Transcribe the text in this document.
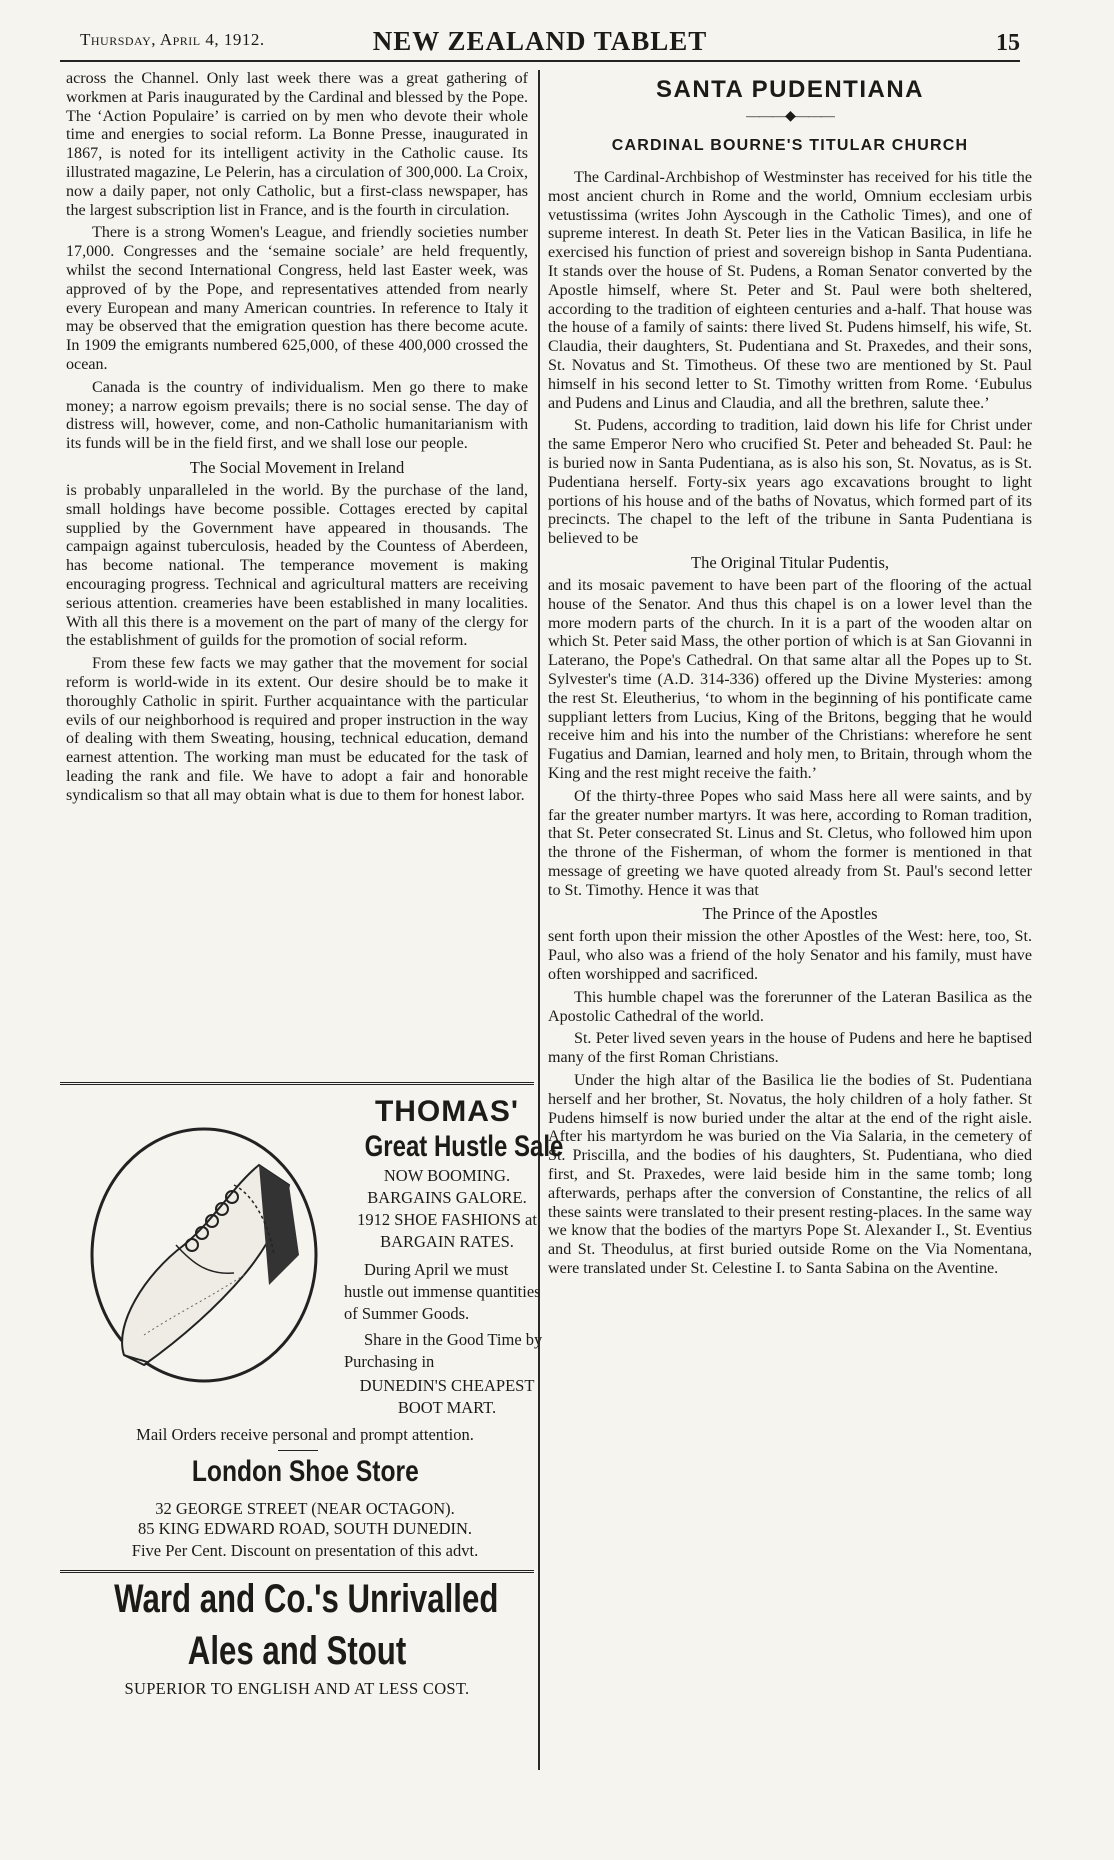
Thursday, April 4, 1912.	NEW ZEALAND TABLET	15

across the Channel. Only last week there was a great gathering of workmen at Paris inaugurated by the Cardinal and blessed by the Pope. The ‘Action Populaire’ is carried on by men who devote their whole time and energies to social reform. La Bonne Presse, inaugurated in 1867, is noted for its intelligent activity in the Catholic cause. Its illustrated magazine, Le Pelerin, has a circulation of 300,000. La Croix, now a daily paper, not only Catholic, but a first-class newspaper, has the largest subscription list in France, and is the fourth in circulation.

There is a strong Women's League, and friendly societies number 17,000. Congresses and the ‘semaine sociale’ are held frequently, whilst the second International Congress, held last Easter week, was approved of by the Pope, and representatives attended from nearly every European and many American countries. In reference to Italy it may be observed that the emigration question has there become acute. In 1909 the emigrants numbered 625,000, of these 400,000 crossed the ocean.

Canada is the country of individualism. Men go there to make money; a narrow egoism prevails; there is no social sense. The day of distress will, however, come, and non-Catholic humanitarianism with its funds will be in the field first, and we shall lose our people.

The Social Movement in Ireland

is probably unparalleled in the world. By the purchase of the land, small holdings have become possible. Cottages erected by capital supplied by the Government have appeared in thousands. The campaign against tuberculosis, headed by the Countess of Aberdeen, has become national. The temperance movement is making encouraging progress. Technical and agricultural matters are receiving serious attention. creameries have been established in many localities. With all this there is a movement on the part of many of the clergy for the establishment of guilds for the promotion of social reform.

From these few facts we may gather that the movement for social reform is world-wide in its extent. Our desire should be to make it thoroughly Catholic in spirit. Further acquaintance with the particular evils of our neighborhood is required and proper instruction in the way of dealing with them Sweating, housing, technical education, demand earnest attention. The working man must be educated for the task of leading the rank and file. We have to adopt a fair and honorable syndicalism so that all may obtain what is due to them for honest labor.

THOMAS'
Great Hustle Sale
NOW BOOMING.
BARGAINS GALORE.
1912 SHOE FASHIONS at
BARGAIN RATES.
During April we must hustle out immense quantities of Summer Goods.
Share in the Good Time by Purchasing in
DUNEDIN'S CHEAPEST BOOT MART.
Mail Orders receive personal and prompt attention.
London Shoe Store
32 GEORGE STREET (NEAR OCTAGON).
85 KING EDWARD ROAD, SOUTH DUNEDIN.
Five Per Cent. Discount on presentation of this advt.
Ward and Co.'s Unrivalled
Ales and Stout
SUPERIOR TO ENGLISH AND AT LESS COST.
SANTA PUDENTIANA
———◆———
CARDINAL BOURNE'S TITULAR CHURCH

The Cardinal-Archbishop of Westminster has received for his title the most ancient church in Rome and the world, Omnium ecclesiam urbis vetustissima (writes John Ayscough in the Catholic Times), and one of supreme interest. In death St. Peter lies in the Vatican Basilica, in life he exercised his function of priest and sovereign bishop in Santa Pudentiana. It stands over the house of St. Pudens, a Roman Senator converted by the Apostle himself, where St. Peter and St. Paul were both sheltered, according to the tradition of eighteen centuries and a-half. That house was the house of a family of saints: there lived St. Pudens himself, his wife, St. Claudia, their daughters, St. Pudentiana and St. Praxedes, and their sons, St. Novatus and St. Timotheus. Of these two are mentioned by St. Paul himself in his second letter to St. Timothy written from Rome. ‘Eubulus and Pudens and Linus and Claudia, and all the brethren, salute thee.’

St. Pudens, according to tradition, laid down his life for Christ under the same Emperor Nero who crucified St. Peter and beheaded St. Paul: he is buried now in Santa Pudentiana, as is also his son, St. Novatus, as is St. Pudentiana herself. Forty-six years ago excavations brought to light portions of his house and of the baths of Novatus, which formed part of its precincts. The chapel to the left of the tribune in Santa Pudentiana is believed to be

The Original Titular Pudentis,

and its mosaic pavement to have been part of the flooring of the actual house of the Senator. And thus this chapel is on a lower level than the more modern parts of the church. In it is a part of the wooden altar on which St. Peter said Mass, the other portion of which is at San Giovanni in Laterano, the Pope's Cathedral. On that same altar all the Popes up to St. Sylvester's time (A.D. 314-336) offered up the Divine Mysteries: among the rest St. Eleutherius, ‘to whom in the beginning of his pontificate came suppliant letters from Lucius, King of the Britons, begging that he would receive him and his into the number of the Christians: wherefore he sent Fugatius and Damian, learned and holy men, to Britain, through whom the King and the rest might receive the faith.’

Of the thirty-three Popes who said Mass here all were saints, and by far the greater number martyrs. It was here, according to Roman tradition, that St. Peter consecrated St. Linus and St. Cletus, who followed him upon the throne of the Fisherman, of whom the former is mentioned in that message of greeting we have quoted already from St. Paul's second letter to St. Timothy. Hence it was that

The Prince of the Apostles

sent forth upon their mission the other Apostles of the West: here, too, St. Paul, who also was a friend of the holy Senator and his family, must have often worshipped and sacrificed.

This humble chapel was the forerunner of the Lateran Basilica as the Apostolic Cathedral of the world.

St. Peter lived seven years in the house of Pudens and here he baptised many of the first Roman Christians.

Under the high altar of the Basilica lie the bodies of St. Pudentiana herself and her brother, St. Novatus, the holy children of a holy father. St Pudens himself is now buried under the altar at the end of the right aisle. After his martyrdom he was buried on the Via Salaria, in the cemetery of St. Priscilla, and the bodies of his daughters, St. Pudentiana, who died first, and St. Praxedes, were laid beside him in the same tomb; long afterwards, perhaps after the conversion of Constantine, the relics of all these saints were translated to their present resting-places. In the same way we know that the bodies of the martyrs Pope St. Alexander I., St. Eventius and St. Theodulus, at first buried outside Rome on the Via Nomentana, were translated under St. Celestine I. to Santa Sabina on the Aventine.
